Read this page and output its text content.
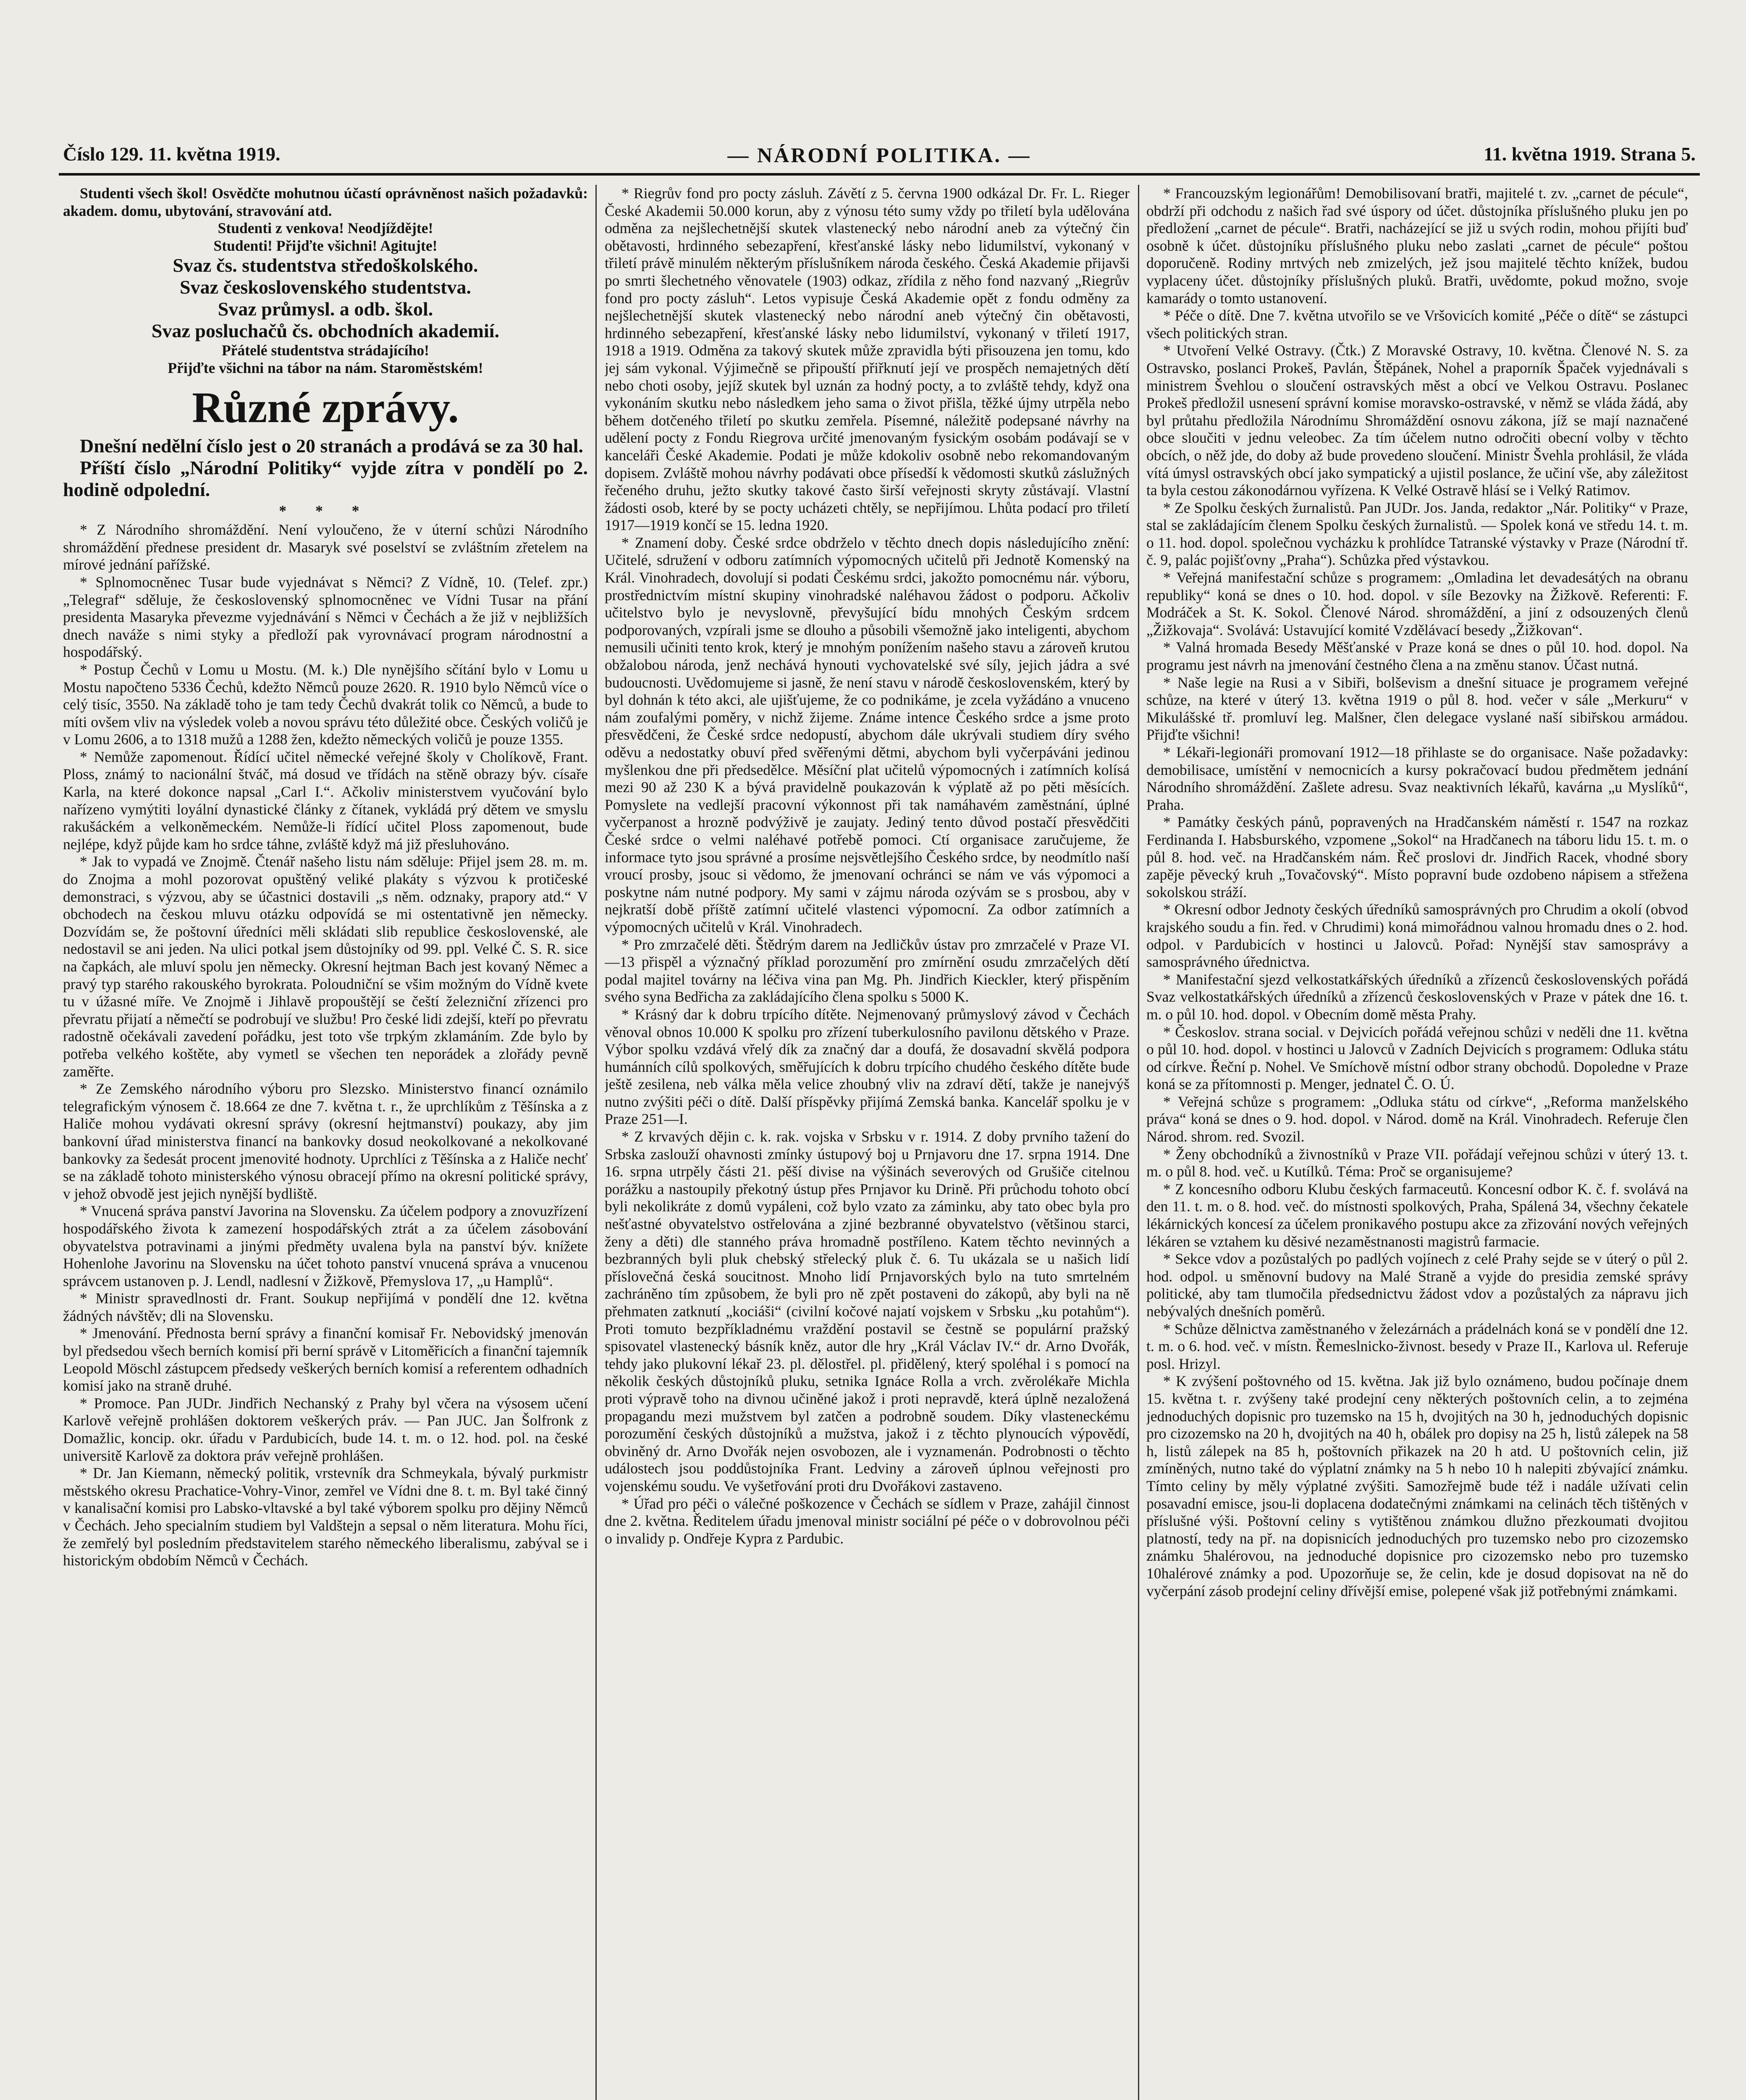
Číslo 129. 11. května 1919.	— NÁRODNÍ POLITIKA. —	11. května 1919. Strana 5.

Studenti všech škol! Osvědčte mohutnou účastí oprávněnost našich požadavků: akadem. domu, ubytování, stravování atd.

Studenti z venkova! Neodjíždějte!

Studenti! Přijďte všichni! Agitujte!

Svaz čs. studentstva středoškolského.

Svaz československého studentstva.

Svaz průmysl. a odb. škol.

Svaz posluchačů čs. obchodních akademií.

Přátelé studentstva strádajícího!

Přijďte všichni na tábor na nám. Staroměstském!

Různé zprávy.

Dnešní nedělní číslo jest o 20 stranách a prodává se za 30 hal.

Příští číslo „Národní Politiky“ vyjde zítra v pondělí po 2. hodině odpolední.

* * *

* Z Národního shromáždění. Není vyloučeno, že v úterní schůzi Národního shromáždění přednese president dr. Masaryk své poselství se zvláštním zřetelem na mírové jednání pařížské.

* Splnomocněnec Tusar bude vyjednávat s Němci? Z Vídně, 10. (Telef. zpr.) „Telegraf“ sděluje, že československý splnomocněnec ve Vídni Tusar na přání presidenta Masaryka převezme vyjednávání s Němci v Čechách a že již v nejbližších dnech naváže s nimi styky a předloží pak vyrovnávací program národnostní a hospodářský.

* Postup Čechů v Lomu u Mostu. (M. k.) Dle nynějšího sčítání bylo v Lomu u Mostu napočteno 5336 Čechů, kdežto Němců pouze 2620. R. 1910 bylo Němců více o celý tisíc, 3550. Na základě toho je tam tedy Čechů dvakrát tolik co Němců, a bude to míti ovšem vliv na výsledek voleb a novou správu této důležité obce. Českých voličů je v Lomu 2606, a to 1318 mužů a 1288 žen, kdežto německých voličů je pouze 1355.

* Nemůže zapomenout. Řídící učitel německé veřejné školy v Cholíkově, Frant. Ploss, známý to nacionální štváč, má dosud ve třídách na stěně obrazy býv. císaře Karla, na které dokonce napsal „Carl I.“. Ačkoliv ministerstvem vyučování bylo nařízeno vymýtiti loyální dynastické články z čítanek, vykládá prý dětem ve smyslu rakušáckém a velkoněmeckém. Nemůže-li řídící učitel Ploss zapomenout, bude nejlépe, když půjde kam ho srdce táhne, zvláště když má již přesluhováno.

* Jak to vypadá ve Znojmě. Čtenář našeho listu nám sděluje: Přijel jsem 28. m. m. do Znojma a mohl pozorovat opuštěný veliké plakáty s výzvou k protičeské demonstraci, s výzvou, aby se účastnici dostavili „s něm. odznaky, prapory atd.“ V obchodech na českou mluvu otázku odpovídá se mi ostentativně jen německy. Dozvídám se, že poštovní úředníci měli skládati slib republice československé, ale nedostavil se ani jeden. Na ulici potkal jsem důstojníky od 99. ppl. Velké Č. S. R. sice na čapkách, ale mluví spolu jen německy. Okresní hejtman Bach jest kovaný Němec a pravý typ starého rakouského byrokrata. Poloudniční se všim možným do Vídně kvete tu v úžasné míře. Ve Znojmě i Jihlavě propouštějí se čeští železniční zřízenci pro převratu přijatí a němečtí se podrobují ve službu! Pro české lidi zdejší, kteří po převratu radostně očekávali zavedení pořádku, jest toto vše trpkým zklamáním. Zde bylo by potřeba velkého koštěte, aby vymetl se všechen ten neporádek a zlořády pevně zaměřte.

* Ze Zemského národního výboru pro Slezsko. Ministerstvo financí oznámilo telegrafickým výnosem č. 18.664 ze dne 7. května t. r., že uprchlíkům z Těšínska a z Haliče mohou vydávati okresní správy (okresní hejtmanství) poukazy, aby jim bankovní úřad ministerstva financí na bankovky dosud neokolkované a nekolkované bankovky za šedesát procent jmenovité hodnoty. Uprchlíci z Těšínska a z Haliče nechť se na základě tohoto ministerského výnosu obracejí přímo na okresní politické správy, v jehož obvodě jest jejich nynější bydliště.

* Vnucená správa panství Javorina na Slovensku. Za účelem podpory a znovuzřízení hospodářského života k zamezení hospodářských ztrát a za účelem zásobování obyvatelstva potravinami a jinými předměty uvalena byla na panství býv. knížete Hohenlohe Javorinu na Slovensku na účet tohoto panství vnucená správa a vnucenou správcem ustanoven p. J. Lendl, nadlesní v Žižkově, Přemyslova 17, „u Hamplů“.

* Ministr spravedlnosti dr. Frant. Soukup nepřijímá v pondělí dne 12. května žádných návštěv; dli na Slovensku.

* Jmenování. Přednosta berní správy a finanční komisař Fr. Nebovidský jmenován byl předsedou všech berních komisí při berní správě v Litoměřicích a finanční tajemník Leopold Möschl zástupcem předsedy veškerých berních komisí a referentem odhadních komisí jako na straně druhé.

* Promoce. Pan JUDr. Jindřich Nechanský z Prahy byl včera na výsosem učení Karlově veřejně prohlášen doktorem veškerých práv. — Pan JUC. Jan Šolfronk z Domažlic, koncip. okr. úřadu v Pardubicích, bude 14. t. m. o 12. hod. pol. na české universitě Karlově za doktora práv veřejně prohlášen.

* Dr. Jan Kiemann, německý politik, vrstevník dra Schmeykala, bývalý purkmistr městského okresu Prachatice-Vohry-Vinor, zemřel ve Vídni dne 8. t. m. Byl také činný v kanalisační komisi pro Labsko-vltavské a byl také výborem spolku pro dějiny Němců v Čechách. Jeho specialním studiem byl Valdštejn a sepsal o něm literatura. Mohu říci, že zemřelý byl posledním představitelem starého německého liberalismu, zabýval se i historickým obdobím Němců v Čechách.

* Riegrův fond pro pocty zásluh. Závětí z 5. června 1900 odkázal Dr. Fr. L. Rieger České Akademii 50.000 korun, aby z výnosu této sumy vždy po třiletí byla udělována odměna za nejšlechetnější skutek vlastenecký nebo národní aneb za výtečný čin obětavosti, hrdinného sebezapření, křesťanské lásky nebo lidumilství, vykonaný v třiletí právě minulém některým příslušníkem národa českého. Česká Akademie přijavši po smrti šlechetného věnovatele (1903) odkaz, zřídila z něho fond nazvaný „Riegrův fond pro pocty zásluh“. Letos vypisuje Česká Akademie opět z fondu odměny za nejšlechetnější skutek vlastenecký nebo národní aneb výtečný čin obětavosti, hrdinného sebezapření, křesťanské lásky nebo lidumilství, vykonaný v třiletí 1917, 1918 a 1919. Odměna za takový skutek může zpravidla býti přisouzena jen tomu, kdo jej sám vykonal. Výjimečně se připouští přiřknutí její ve prospěch nemajetných dětí nebo choti osoby, jejíž skutek byl uznán za hodný pocty, a to zvláště tehdy, když ona vykonáním skutku nebo následkem jeho sama o život přišla, těžké újmy utrpěla nebo během dotčeného třiletí po skutku zemřela. Písemné, náležitě podepsané návrhy na udělení pocty z Fondu Riegrova určité jmenovaným fysickým osobám podávají se v kanceláři České Akademie. Podati je může kdokoliv osobně nebo rekomandovaným dopisem. Zvláště mohou návrhy podávati obce přísedší k vědomosti skutků záslužných řečeného druhu, ježto skutky takové často širší veřejnosti skryty zůstávají. Vlastní žádosti osob, které by se pocty ucházeti chtěly, se nepřijímou. Lhůta podací pro třiletí 1917—1919 končí se 15. ledna 1920.

* Znamení doby. České srdce obdrželo v těchto dnech dopis následujícího znění: Učitelé, sdružení v odboru zatímních výpomocných učitelů při Jednotě Komenský na Král. Vinohradech, dovolují si podati Českému srdci, jakožto pomocnému nár. výboru, prostřednictvím místní skupiny vinohradské naléhavou žádost o podporu. Ačkoliv učitelstvo bylo je nevyslovně, převyšující bídu mnohých Českým srdcem podporovaných, vzpírali jsme se dlouho a působili všemožně jako inteligenti, abychom nemusili učiniti tento krok, který je mnohým ponížením našeho stavu a zároveň krutou obžalobou národa, jenž nechává hynouti vychovatelské své síly, jejich jádra a své budoucnosti. Uvědomujeme si jasně, že není stavu v národě československém, který by byl dohnán k této akci, ale ujišťujeme, že co podnikáme, je zcela vyžádáno a vnuceno nám zoufalými poměry, v nichž žijeme. Známe intence Českého srdce a jsme proto přesvědčeni, že České srdce nedopustí, abychom dále ukrývali studiem díry svého oděvu a nedostatky obuví před svěřenými dětmi, abychom byli vyčerpáváni jedinou myšlenkou dne při předsedělce. Měsíční plat učitelů výpomocných i zatímních kolísá mezi 90 až 230 K a bývá pravidelně poukazován k výplatě až po pěti měsících. Pomyslete na vedlejší pracovní výkonnost při tak namáhavém zaměstnání, úplné vyčerpanost a hrozně podvýživě je zaujaty. Jediný tento důvod postačí přesvědčiti České srdce o velmi naléhavé potřebě pomoci. Ctí organisace zaručujeme, že informace tyto jsou správné a prosíme nejsvětlejšího Českého srdce, by neodmítlo naší vroucí prosby, jsouc si vědomo, že jmenovaní ochránci se nám ve vás výpomoci a poskytne nám nutné podpory. My sami v zájmu národa ozývám se s prosbou, aby v nejkratší době příště zatímní učitelé vlastenci výpomocní. Za odbor zatímních a výpomocných učitelů v Král. Vinohradech.

* Pro zmrzačelé děti. Štědrým darem na Jedličkův ústav pro zmrzačelé v Praze VI.—13 přispěl a význačný příklad porozumění pro zmírnění osudu zmrzačelých dětí podal majitel továrny na léčiva vina pan Mg. Ph. Jindřich Kieckler, který přispěním svého syna Bedřicha za zakládajícího člena spolku s 5000 K.

* Krásný dar k dobru trpícího dítěte. Nejmenovaný průmyslový závod v Čechách věnoval obnos 10.000 K spolku pro zřízení tuberkulosního pavilonu dětského v Praze. Výbor spolku vzdává vřelý dík za značný dar a doufá, že dosavadní skvělá podpora humánních cílů spolkových, směřujících k dobru trpícího chudého českého dítěte bude ještě zesilena, neb válka měla velice zhoubný vliv na zdraví dětí, takže je nanejvýš nutno zvýšiti péči o dítě. Další příspěvky přijímá Zemská banka. Kancelář spolku je v Praze 251—I.

* Z krvavých dějin c. k. rak. vojska v Srbsku v r. 1914. Z doby prvního tažení do Srbska zaslouží ohavnosti zmínky ústupový boj u Prnjavoru dne 17. srpna 1914. Dne 16. srpna utrpěly části 21. pěší divise na výšinách severových od Grušiče citelnou porážku a nastoupily překotný ústup přes Prnjavor ku Drině. Při průchodu tohoto obcí byli nekolikráte z domů vypáleni, což bylo vzato za záminku, aby tato obec byla pro nešťastné obyvatelstvo ostřelována a zjiné bezbranné obyvatelstvo (většinou starci, ženy a děti) dle stanného práva hromadně postříleno. Katem těchto nevinných a bezbranných byli pluk chebský střelecký pluk č. 6. Tu ukázala se u našich lidí příslovečná česká soucitnost. Mnoho lidí Prnjavorských bylo na tuto smrtelném zachráněno tím způsobem, že byli pro ně zpět postaveni do zákopů, aby byli na ně přehmaten zatknutí „kociáši“ (civilní kočové najatí vojskem v Srbsku „ku potahům“). Proti tomuto bezpříkladnému vraždění postavil se čestně se populární pražský spisovatel vlastenecký básník kněz, autor dle hry „Král Václav IV.“ dr. Arno Dvořák, tehdy jako plukovní lékař 23. pl. dělostřel. pl. přidělený, který spoléhal i s pomocí na několik českých důstojníků pluku, setnika Ignáce Rolla a vrch. zvěrolékaře Michla proti výpravě toho na divnou učiněné jakož i proti nepravdě, která úplně nezaložená propagandu mezi mužstvem byl zatčen a podrobně soudem. Díky vlasteneckému porozumění českých důstojníků a mužstva, jakož i z těchto plynoucích výpovědí, obviněný dr. Arno Dvořák nejen osvobozen, ale i vyznamenán. Podrobnosti o těchto událostech jsou poddůstojníka Frant. Ledviny a zároveň úplnou veřejnosti pro vojenskému soudu. Ve vyšetřování proti dru Dvořákovi zastaveno.

* Úřad pro péči o válečné poškozence v Čechách se sídlem v Praze, zahájil činnost dne 2. května. Ředitelem úřadu jmenoval ministr sociální pé péče o v dobrovolnou péči o invalidy p. Ondřeje Kypra z Pardubic.

* Francouzským legionářům! Demobilisovaní bratři, majitelé t. zv. „carnet de pécule“, obdrží při odchodu z našich řad své úspory od účet. důstojníka příslušného pluku jen po předložení „carnet de pécule“. Bratři, nacházející se již u svých rodin, mohou přijíti buď osobně k účet. důstojníku příslušného pluku nebo zaslati „carnet de pécule“ poštou doporučeně. Rodiny mrtvých neb zmizelých, jež jsou majitelé těchto knížek, budou vyplaceny účet. důstojníky příslušných pluků. Bratři, uvědomte, pokud možno, svoje kamarády o tomto ustanovení.

* Péče o dítě. Dne 7. května utvořilo se ve Vršovicích komité „Péče o dítě“ se zástupci všech politických stran.

* Utvoření Velké Ostravy. (Čtk.) Z Moravské Ostravy, 10. května. Členové N. S. za Ostravsko, poslanci Prokeš, Pavlán, Štěpánek, Nohel a praporník Špaček vyjednávali s ministrem Švehlou o sloučení ostravských měst a obcí ve Velkou Ostravu. Poslanec Prokeš předložil usnesení správní komise moravsko-ostravské, v němž se vláda žádá, aby byl průtahu předložila Národnímu Shromáždění osnovu zákona, jíž se mají naznačené obce sloučiti v jednu veleobec. Za tím účelem nutno odročiti obecní volby v těchto obcích, o něž jde, do doby až bude provedeno sloučení. Ministr Švehla prohlásil, že vláda vítá úmysl ostravských obcí jako sympatický a ujistil poslance, že učiní vše, aby záležitost ta byla cestou zákonodárnou vyřízena. K Velké Ostravě hlásí se i Velký Ratimov.

* Ze Spolku českých žurnalistů. Pan JUDr. Jos. Janda, redaktor „Nár. Politiky“ v Praze, stal se zakládajícím členem Spolku českých žurnalistů. — Spolek koná ve středu 14. t. m. o 11. hod. dopol. společnou vycházku k prohlídce Tatranské výstavky v Praze (Národní tř. č. 9, palác pojišťovny „Praha“). Schůzka před výstavkou.

* Veřejná manifestační schůze s programem: „Omladina let devadesátých na obranu republiky“ koná se dnes o 10. hod. dopol. v síle Bezovky na Žižkově. Referenti: F. Modráček a St. K. Sokol. Členové Národ. shromáždění, a jiní z odsouzených členů „Žižkovaja“. Svolává: Ustavující komité Vzdělávací besedy „Žižkovan“.

* Valná hromada Besedy Měšťanské v Praze koná se dnes o půl 10. hod. dopol. Na programu jest návrh na jmenování čestného člena a na změnu stanov. Účast nutná.

* Naše legie na Rusi a v Sibiři, bolševism a dnešní situace je programem veřejné schůze, na které v úterý 13. května 1919 o půl 8. hod. večer v sále „Merkuru“ v Mikulášské tř. promluví leg. Malšner, člen delegace vyslané naší sibiřskou armádou. Přijďte všichni!

* Lékaři-legionáři promovaní 1912—18 přihlaste se do organisace. Naše požadavky: demobilisace, umístění v nemocnicích a kursy pokračovací budou předmětem jednání Národního shromáždění. Zašlete adresu. Svaz neaktivních lékařů, kavárna „u Myslíků“, Praha.

* Památky českých pánů, popravených na Hradčanském náměstí r. 1547 na rozkaz Ferdinanda I. Habsburského, vzpomene „Sokol“ na Hradčanech na táboru lidu 15. t. m. o půl 8. hod. več. na Hradčanském nám. Řeč proslovi dr. Jindřich Racek, vhodné sbory zapěje pěvecký kruh „Tovačovský“. Místo popravní bude ozdobeno nápisem a střežena sokolskou stráží.

* Okresní odbor Jednoty českých úředníků samosprávných pro Chrudim a okolí (obvod krajského soudu a fin. řed. v Chrudimi) koná mimořádnou valnou hromadu dnes o 2. hod. odpol. v Pardubicích v hostinci u Jalovců. Pořad: Nynější stav samosprávy a samosprávného úřednictva.

* Manifestační sjezd velkostatkářských úředníků a zřízenců československých pořádá Svaz velkostatkářských úředníků a zřízenců československých v Praze v pátek dne 16. t. m. o půl 10. hod. dopol. v Obecním domě města Prahy.

* Českoslov. strana social. v Dejvicích pořádá veřejnou schůzi v neděli dne 11. května o půl 10. hod. dopol. v hostinci u Jalovců v Zadních Dejvicích s programem: Odluka státu od církve. Řeční p. Nohel. Ve Smíchově místní odbor strany obchodů. Dopoledne v Praze koná se za přítomnosti p. Menger, jednatel Č. O. Ú.

* Veřejná schůze s programem: „Odluka státu od církve“, „Reforma manželského práva“ koná se dnes o 9. hod. dopol. v Národ. domě na Král. Vinohradech. Referuje člen Národ. shrom. red. Svozil.

* Ženy obchodníků a živnostníků v Praze VII. pořádají veřejnou schůzi v úterý 13. t. m. o půl 8. hod. več. u Kutílků. Téma: Proč se organisujeme?

* Z koncesního odboru Klubu českých farmaceutů. Koncesní odbor K. č. f. svolává na den 11. t. m. o 8. hod. več. do místnosti spolkových, Praha, Spálená 34, všechny čekatele lékárnických koncesí za účelem pronikavého postupu akce za zřizování nových veřejných lékáren se vztahem ku děsivé nezaměstnanosti magistrů farmacie.

* Sekce vdov a pozůstalých po padlých vojínech z celé Prahy sejde se v úterý o půl 2. hod. odpol. u směnovní budovy na Malé Straně a vyjde do presidia zemské správy politické, aby tam tlumočila předsednictvu žádost vdov a pozůstalých za nápravu jich nebývalých dnešních poměrů.

* Schůze dělnictva zaměstnaného v železárnách a prádelnách koná se v pondělí dne 12. t. m. o 6. hod. več. v místn. Řemeslnicko-živnost. besedy v Praze II., Karlova ul. Referuje posl. Hrizyl.

* K zvýšení poštovného od 15. května. Jak již bylo oznámeno, budou počínaje dnem 15. května t. r. zvýšeny také prodejní ceny některých poštovních celin, a to zejména jednoduchých dopisnic pro tuzemsko na 15 h, dvojitých na 30 h, jednoduchých dopisnic pro cizozemsko na 20 h, dvojitých na 40 h, obálek pro dopisy na 25 h, listů zálepek na 58 h, listů zálepek na 85 h, poštovních přikazek na 20 h atd. U poštovních celin, již zmíněných, nutno také do výplatní známky na 5 h nebo 10 h nalepiti zbývající známku. Tímto celiny by měly výplatné zvýšiti. Samozřejmě bude též i nadále užívati celin posavadní emisce, jsou-li doplacena dodatečnými známkami na celinách těch tištěných v příslušné výši. Poštovní celiny s vytištěnou známkou dlužno přezkoumati dvojitou platností, tedy na př. na dopisnicích jednoduchých pro tuzemsko nebo pro cizozemsko známku 5halérovou, na jednoduché dopisnice pro cizozemsko nebo pro tuzemsko 10halérové známky a pod. Upozorňuje se, že celin, kde je dosud dopisovat na ně do vyčerpání zásob prodejní celiny dřívější emise, polepené však již potřebnými známkami.
